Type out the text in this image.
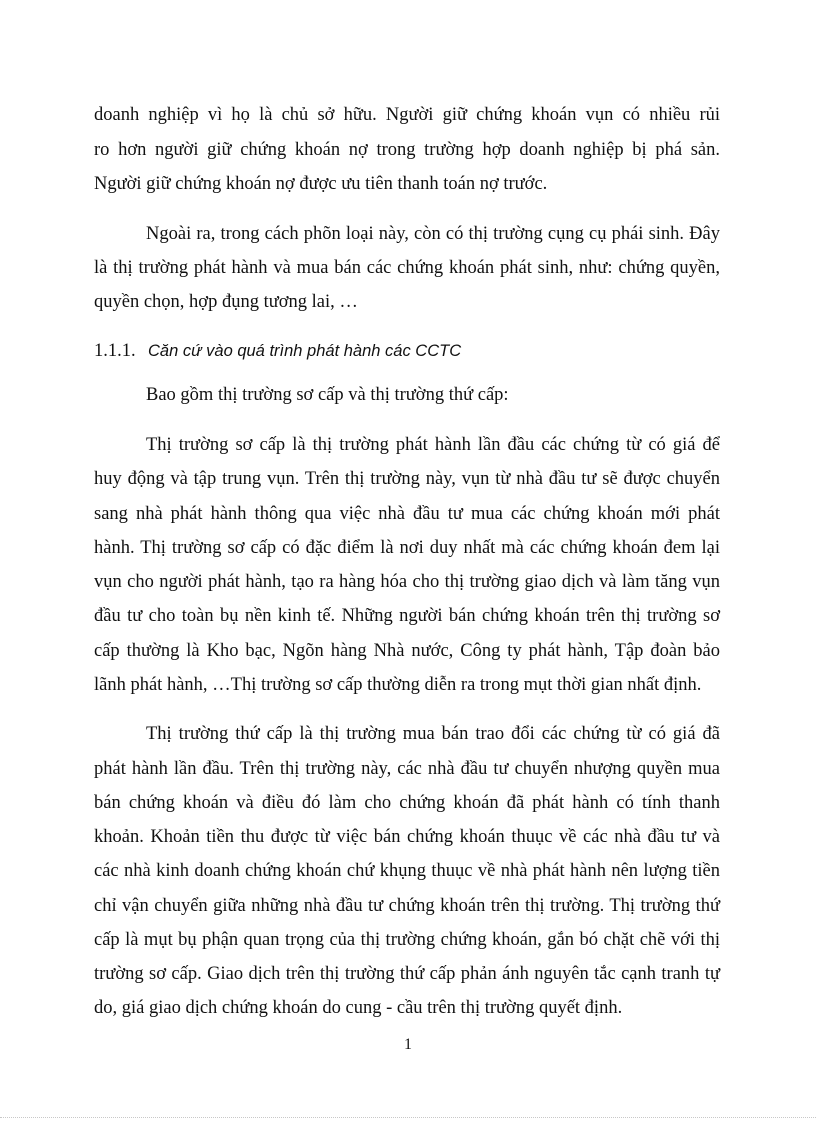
doanh nghiệp vì họ là chủ sở hữu. Người giữ chứng khoán vụn có nhiều rủi
ro hơn người giữ chứng khoán nợ trong trường hợp doanh nghiệp bị phá sản.
Người giữ chứng khoán nợ được ưu tiên thanh toán nợ trước.
Ngoài ra, trong cách phõn loại này, còn có thị trường cụng cụ phái sinh. Đây
là thị trường phát hành và mua bán các chứng khoán phát sinh, như: chứng quyền,
quyền chọn, hợp đụng tương lai, …
1.1.1. Căn cứ vào quá trình phát hành các CCTC
Bao gồm thị trường sơ cấp và thị trường thứ cấp:
Thị trường sơ cấp là thị trường phát hành lần đầu các chứng từ có giá để
huy động và tập trung vụn. Trên thị trường này, vụn từ nhà đầu tư sẽ được chuyển
sang nhà phát hành thông qua việc nhà đầu tư mua các chứng khoán mới phát
hành. Thị trường sơ cấp có đặc điểm là nơi duy nhất mà các chứng khoán đem lại
vụn cho người phát hành, tạo ra hàng hóa cho thị trường giao dịch và làm tăng vụn
đầu tư cho toàn bụ nền kinh tế. Những người bán chứng khoán trên thị trường sơ
cấp thường là Kho bạc, Ngõn hàng Nhà nước, Công ty phát hành, Tập đoàn bảo
lãnh phát hành, …Thị trường sơ cấp thường diễn ra trong mụt thời gian nhất định.
Thị trường thứ cấp là thị trường mua bán trao đổi các chứng từ có giá đã
phát hành lần đầu. Trên thị trường này, các nhà đầu tư chuyển nhượng quyền mua
bán chứng khoán và điều đó làm cho chứng khoán đã phát hành có tính thanh
khoản. Khoản tiền thu được từ việc bán chứng khoán thuục về các nhà đầu tư và
các nhà kinh doanh chứng khoán chứ khụng thuục về nhà phát hành nên lượng tiền
chỉ vận chuyển giữa những nhà đầu tư chứng khoán trên thị trường. Thị trường thứ
cấp là mụt bụ phận quan trọng của thị trường chứng khoán, gắn bó chặt chẽ với thị
trường sơ cấp. Giao dịch trên thị trường thứ cấp phản ánh nguyên tắc cạnh tranh tự
do, giá giao dịch chứng khoán do cung - cầu trên thị trường quyết định.
1
